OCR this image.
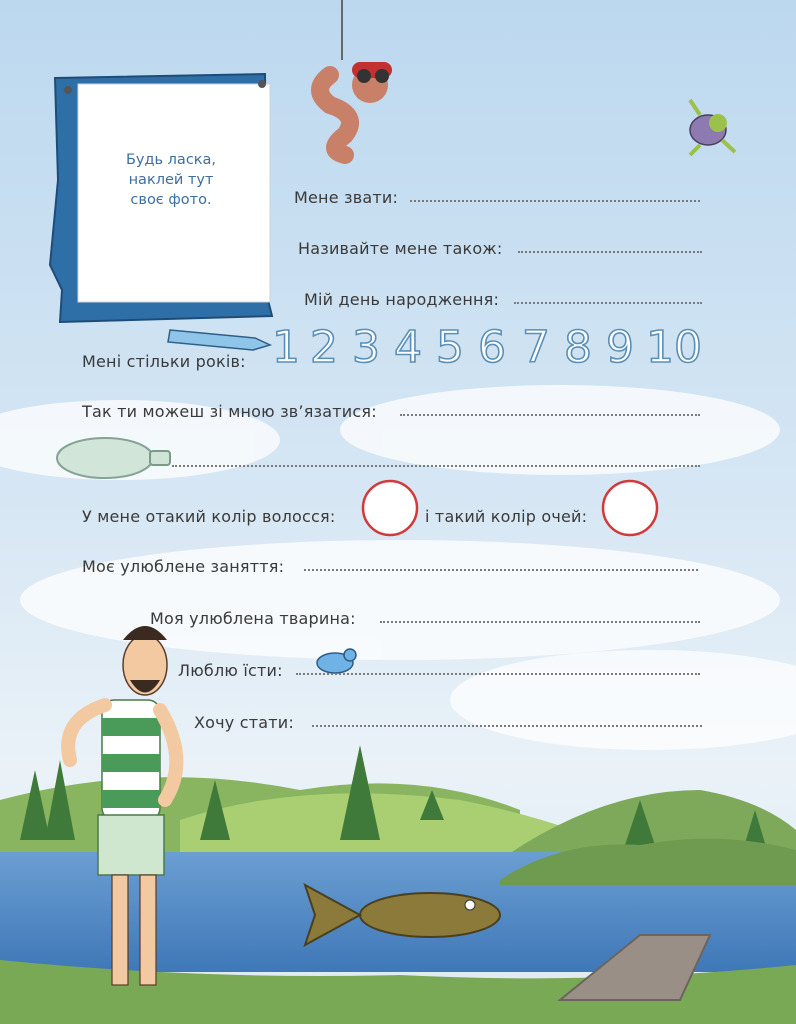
Будь ласка,
наклей тут
своє фото.	Мене звати:
Називайте мене також:
Мій день народження:
Мені стільки років: 1 2 3 4 5 6 7 8 9 10
Так ти можеш зі мною зв’язатися:
У мене отакий колір волосся:	і такий колір очей:
Моє улюблене заняття:
Моя улюблена тварина:
Люблю їсти:
Хочу стати:
